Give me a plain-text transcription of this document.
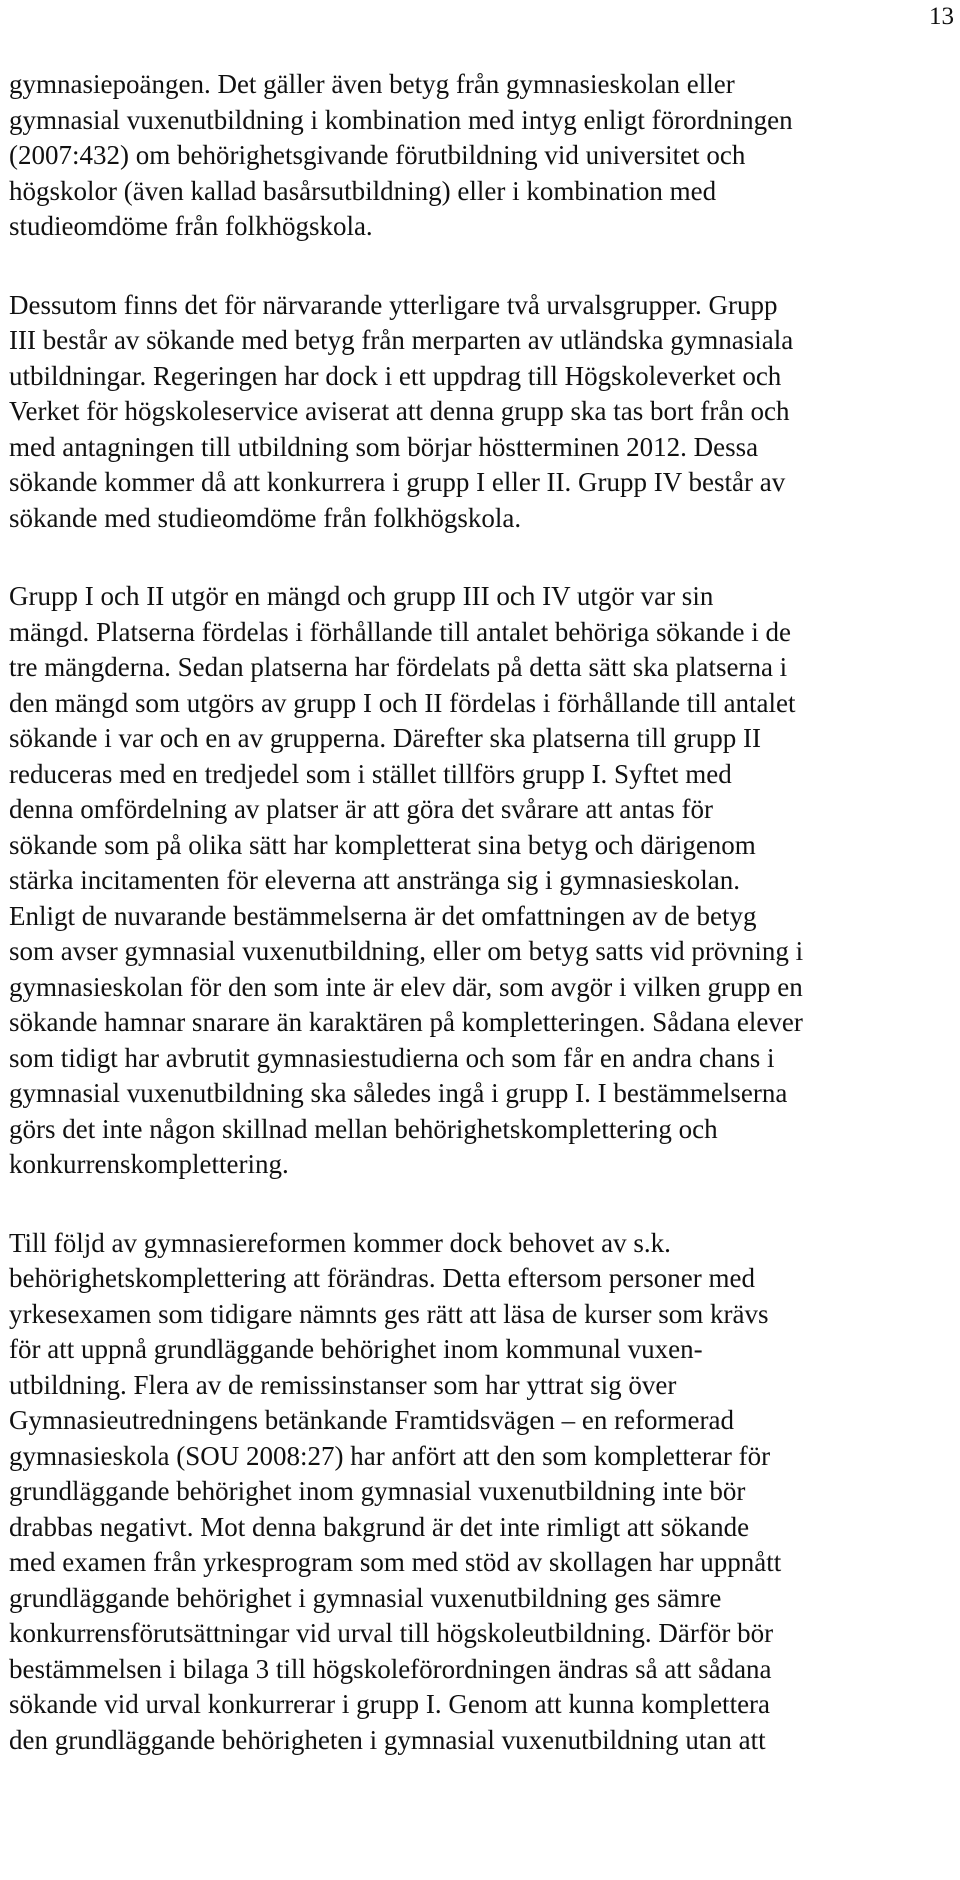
13
gymnasiepoängen. Det gäller även betyg från gymnasieskolan eller
gymnasial vuxenutbildning i kombination med intyg enligt förordningen
(2007:432) om behörighetsgivande förutbildning vid universitet och
högskolor (även kallad basårsutbildning) eller i kombination med
studieomdöme från folkhögskola.
Dessutom finns det för närvarande ytterligare två urvalsgrupper. Grupp
III består av sökande med betyg från merparten av utländska gymnasiala
utbildningar. Regeringen har dock i ett uppdrag till Högskoleverket och
Verket för högskoleservice aviserat att denna grupp ska tas bort från och
med antagningen till utbildning som börjar höstterminen 2012. Dessa
sökande kommer då att konkurrera i grupp I eller II. Grupp IV består av
sökande med studieomdöme från folkhögskola.
Grupp I och II utgör en mängd och grupp III och IV utgör var sin
mängd. Platserna fördelas i förhållande till antalet behöriga sökande i de
tre mängderna. Sedan platserna har fördelats på detta sätt ska platserna i
den mängd som utgörs av grupp I och II fördelas i förhållande till antalet
sökande i var och en av grupperna. Därefter ska platserna till grupp II
reduceras med en tredjedel som i stället tillförs grupp I. Syftet med
denna omfördelning av platser är att göra det svårare att antas för
sökande som på olika sätt har kompletterat sina betyg och därigenom
stärka incitamenten för eleverna att anstränga sig i gymnasieskolan.
Enligt de nuvarande bestämmelserna är det omfattningen av de betyg
som avser gymnasial vuxenutbildning, eller om betyg satts vid prövning i
gymnasieskolan för den som inte är elev där, som avgör i vilken grupp en
sökande hamnar snarare än karaktären på kompletteringen. Sådana elever
som tidigt har avbrutit gymnasiestudierna och som får en andra chans i
gymnasial vuxenutbildning ska således ingå i grupp I. I bestämmelserna
görs det inte någon skillnad mellan behörighetskomplettering och
konkurrenskomplettering.
Till följd av gymnasiereformen kommer dock behovet av s.k.
behörighetskomplettering att förändras. Detta eftersom personer med
yrkesexamen som tidigare nämnts ges rätt att läsa de kurser som krävs
för att uppnå grundläggande behörighet inom kommunal vuxen-
utbildning. Flera av de remissinstanser som har yttrat sig över
Gymnasieutredningens betänkande Framtidsvägen – en reformerad
gymnasieskola (SOU 2008:27) har anfört att den som kompletterar för
grundläggande behörighet inom gymnasial vuxenutbildning inte bör
drabbas negativt. Mot denna bakgrund är det inte rimligt att sökande
med examen från yrkesprogram som med stöd av skollagen har uppnått
grundläggande behörighet i gymnasial vuxenutbildning ges sämre
konkurrensförutsättningar vid urval till högskoleutbildning. Därför bör
bestämmelsen i bilaga 3 till högskoleförordningen ändras så att sådana
sökande vid urval konkurrerar i grupp I. Genom att kunna komplettera
den grundläggande behörigheten i gymnasial vuxenutbildning utan att
